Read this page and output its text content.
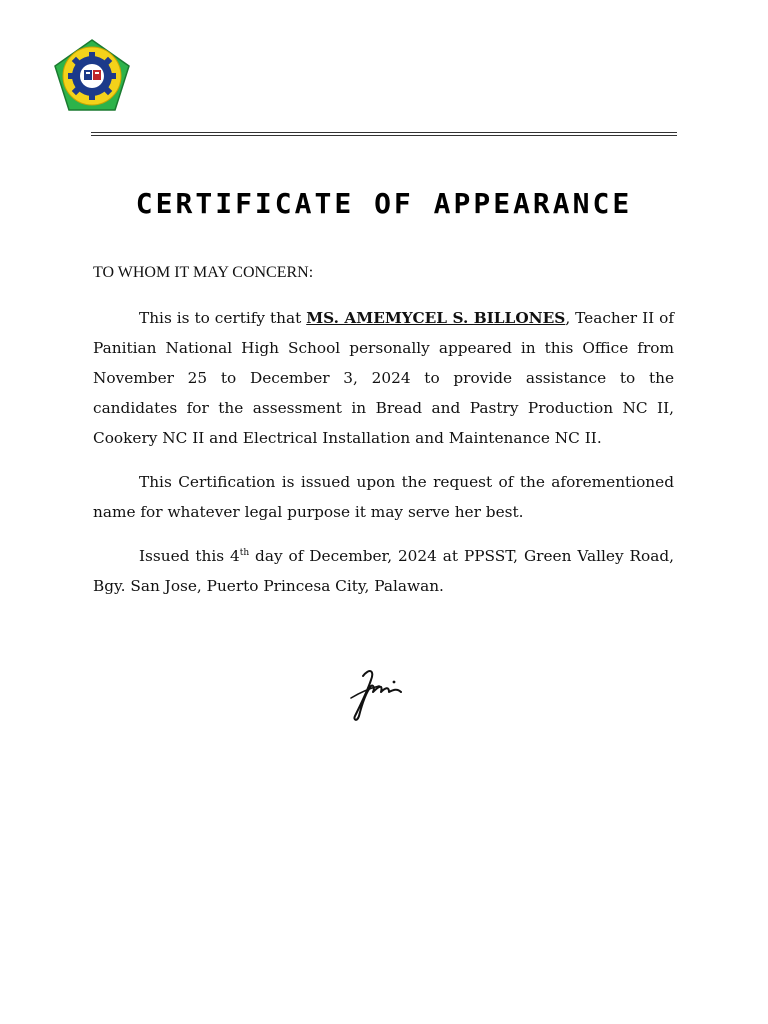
CERTIFICATE OF APPEARANCE

TO WHOM IT MAY CONCERN:

This is to certify that MS. AMEMYCEL S. BILLONES, Teacher II of Panitian National High School personally appeared in this Office from November 25 to December 3, 2024 to provide assistance to the candidates for the assessment in Bread and Pastry Production NC II, Cookery NC II and Electrical Installation and Maintenance NC II.

This Certification is issued upon the request of the aforementioned name for whatever legal purpose it may serve her best.

Issued this 4th day of December, 2024 at PPSST, Green Valley Road, Bgy. San Jose, Puerto Princesa City, Palawan.
